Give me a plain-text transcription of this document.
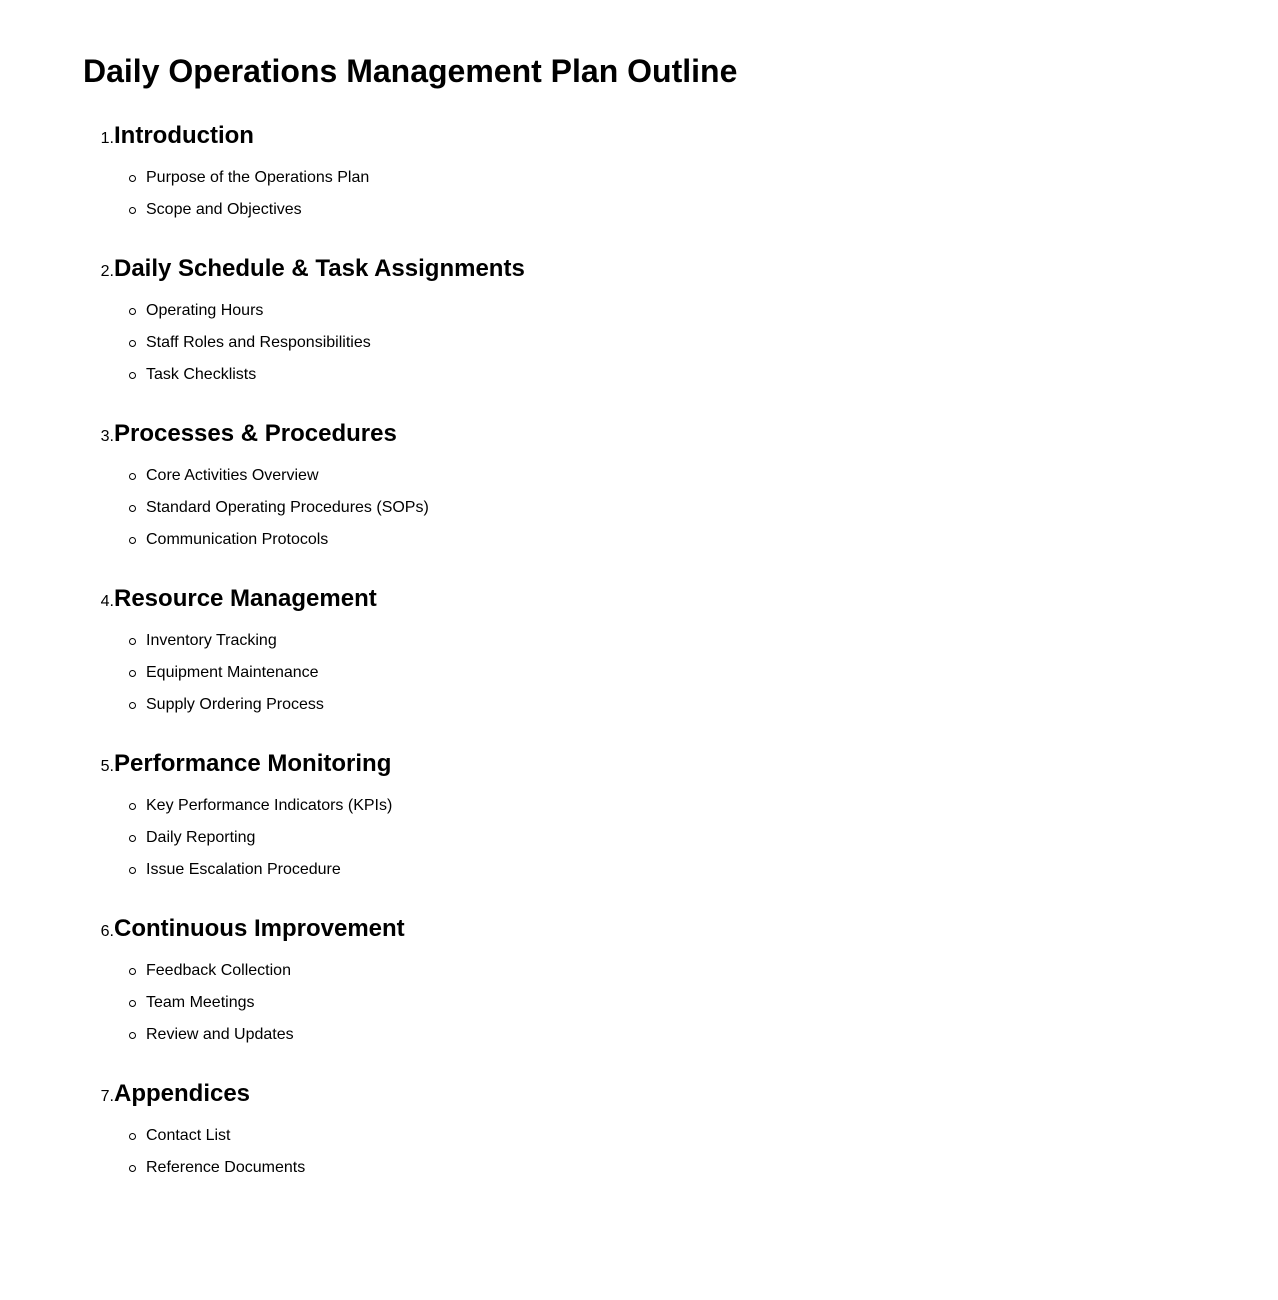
Daily Operations Management Plan Outline
1. Introduction
Purpose of the Operations Plan
Scope and Objectives
2. Daily Schedule & Task Assignments
Operating Hours
Staff Roles and Responsibilities
Task Checklists
3. Processes & Procedures
Core Activities Overview
Standard Operating Procedures (SOPs)
Communication Protocols
4. Resource Management
Inventory Tracking
Equipment Maintenance
Supply Ordering Process
5. Performance Monitoring
Key Performance Indicators (KPIs)
Daily Reporting
Issue Escalation Procedure
6. Continuous Improvement
Feedback Collection
Team Meetings
Review and Updates
7. Appendices
Contact List
Reference Documents
